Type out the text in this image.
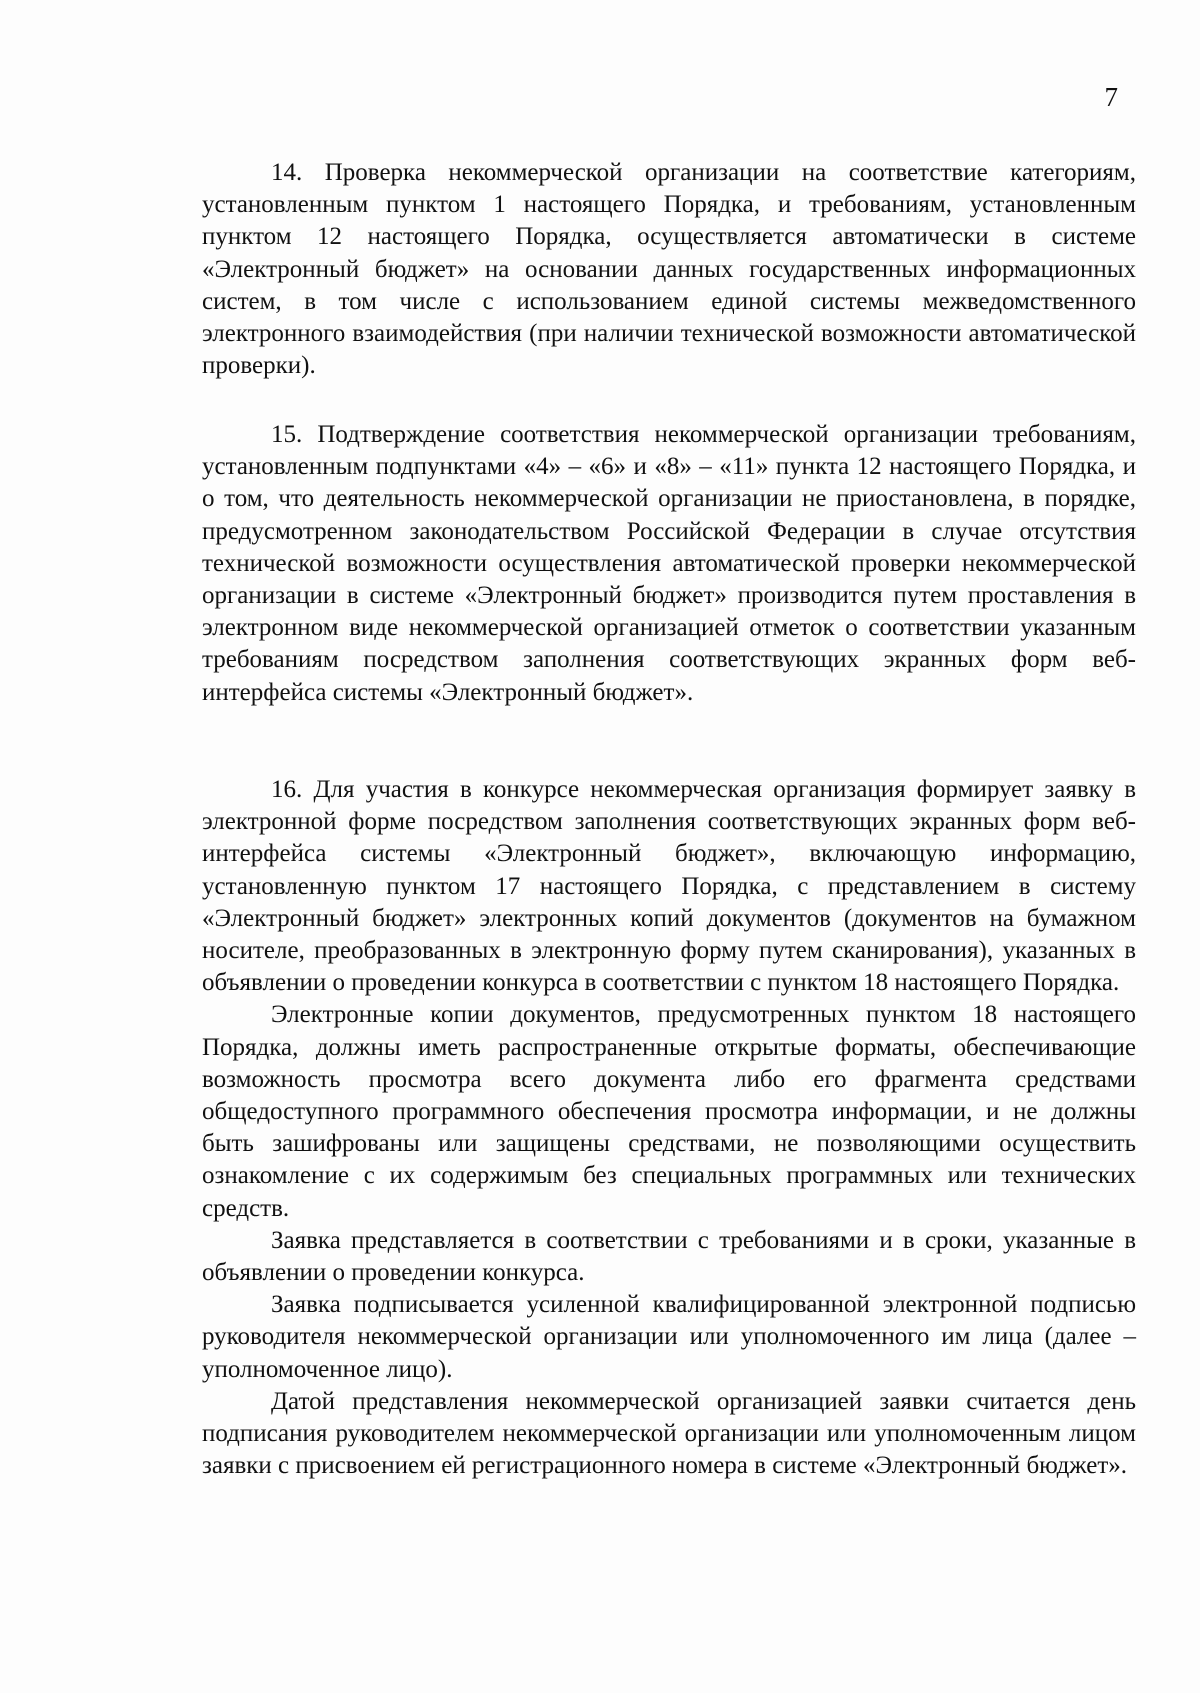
7

14. Проверка некоммерческой организации на соответствие категориям, установленным пунктом 1 настоящего Порядка, и требованиям, установленным пунктом 12 настоящего Порядка, осуществляется автоматически в системе «Электронный бюджет» на основании данных государственных информационных систем, в том числе с использованием единой системы межведомственного электронного взаимодействия (при наличии технической возможности автоматической проверки).

15. Подтверждение соответствия некоммерческой организации требованиям, установленным подпунктами «4» – «6» и «8» – «11» пункта 12 настоящего Порядка, и о том, что деятельность некоммерческой организации не приостановлена, в порядке, предусмотренном законодательством Российской Федерации в случае отсутствия технической возможности осуществления автоматической проверки некоммерческой организации в системе «Электронный бюджет» производится путем проставления в электронном виде некоммерческой организацией отметок о соответствии указанным требованиям посредством заполнения соответствующих экранных форм веб-интерфейса системы «Электронный бюджет».

16. Для участия в конкурсе некоммерческая организация формирует заявку в электронной форме посредством заполнения соответствующих экранных форм веб-интерфейса системы «Электронный бюджет», включающую информацию, установленную пунктом 17 настоящего Порядка, с представлением в систему «Электронный бюджет» электронных копий документов (документов на бумажном носителе, преобразованных в электронную форму путем сканирования), указанных в объявлении о проведении конкурса в соответствии с пунктом 18 настоящего Порядка.

Электронные копии документов, предусмотренных пунктом 18 настоящего Порядка, должны иметь распространенные открытые форматы, обеспечивающие возможность просмотра всего документа либо его фрагмента средствами общедоступного программного обеспечения просмотра информации, и не должны быть зашифрованы или защищены средствами, не позволяющими осуществить ознакомление с их содержимым без специальных программных или технических средств.

Заявка представляется в соответствии с требованиями и в сроки, указанные в объявлении о проведении конкурса.

Заявка подписывается усиленной квалифицированной электронной подписью руководителя некоммерческой организации или уполномоченного им лица (далее – уполномоченное лицо).

Датой представления некоммерческой организацией заявки считается день подписания руководителем некоммерческой организации или уполномоченным лицом заявки с присвоением ей регистрационного номера в системе «Электронный бюджет».
